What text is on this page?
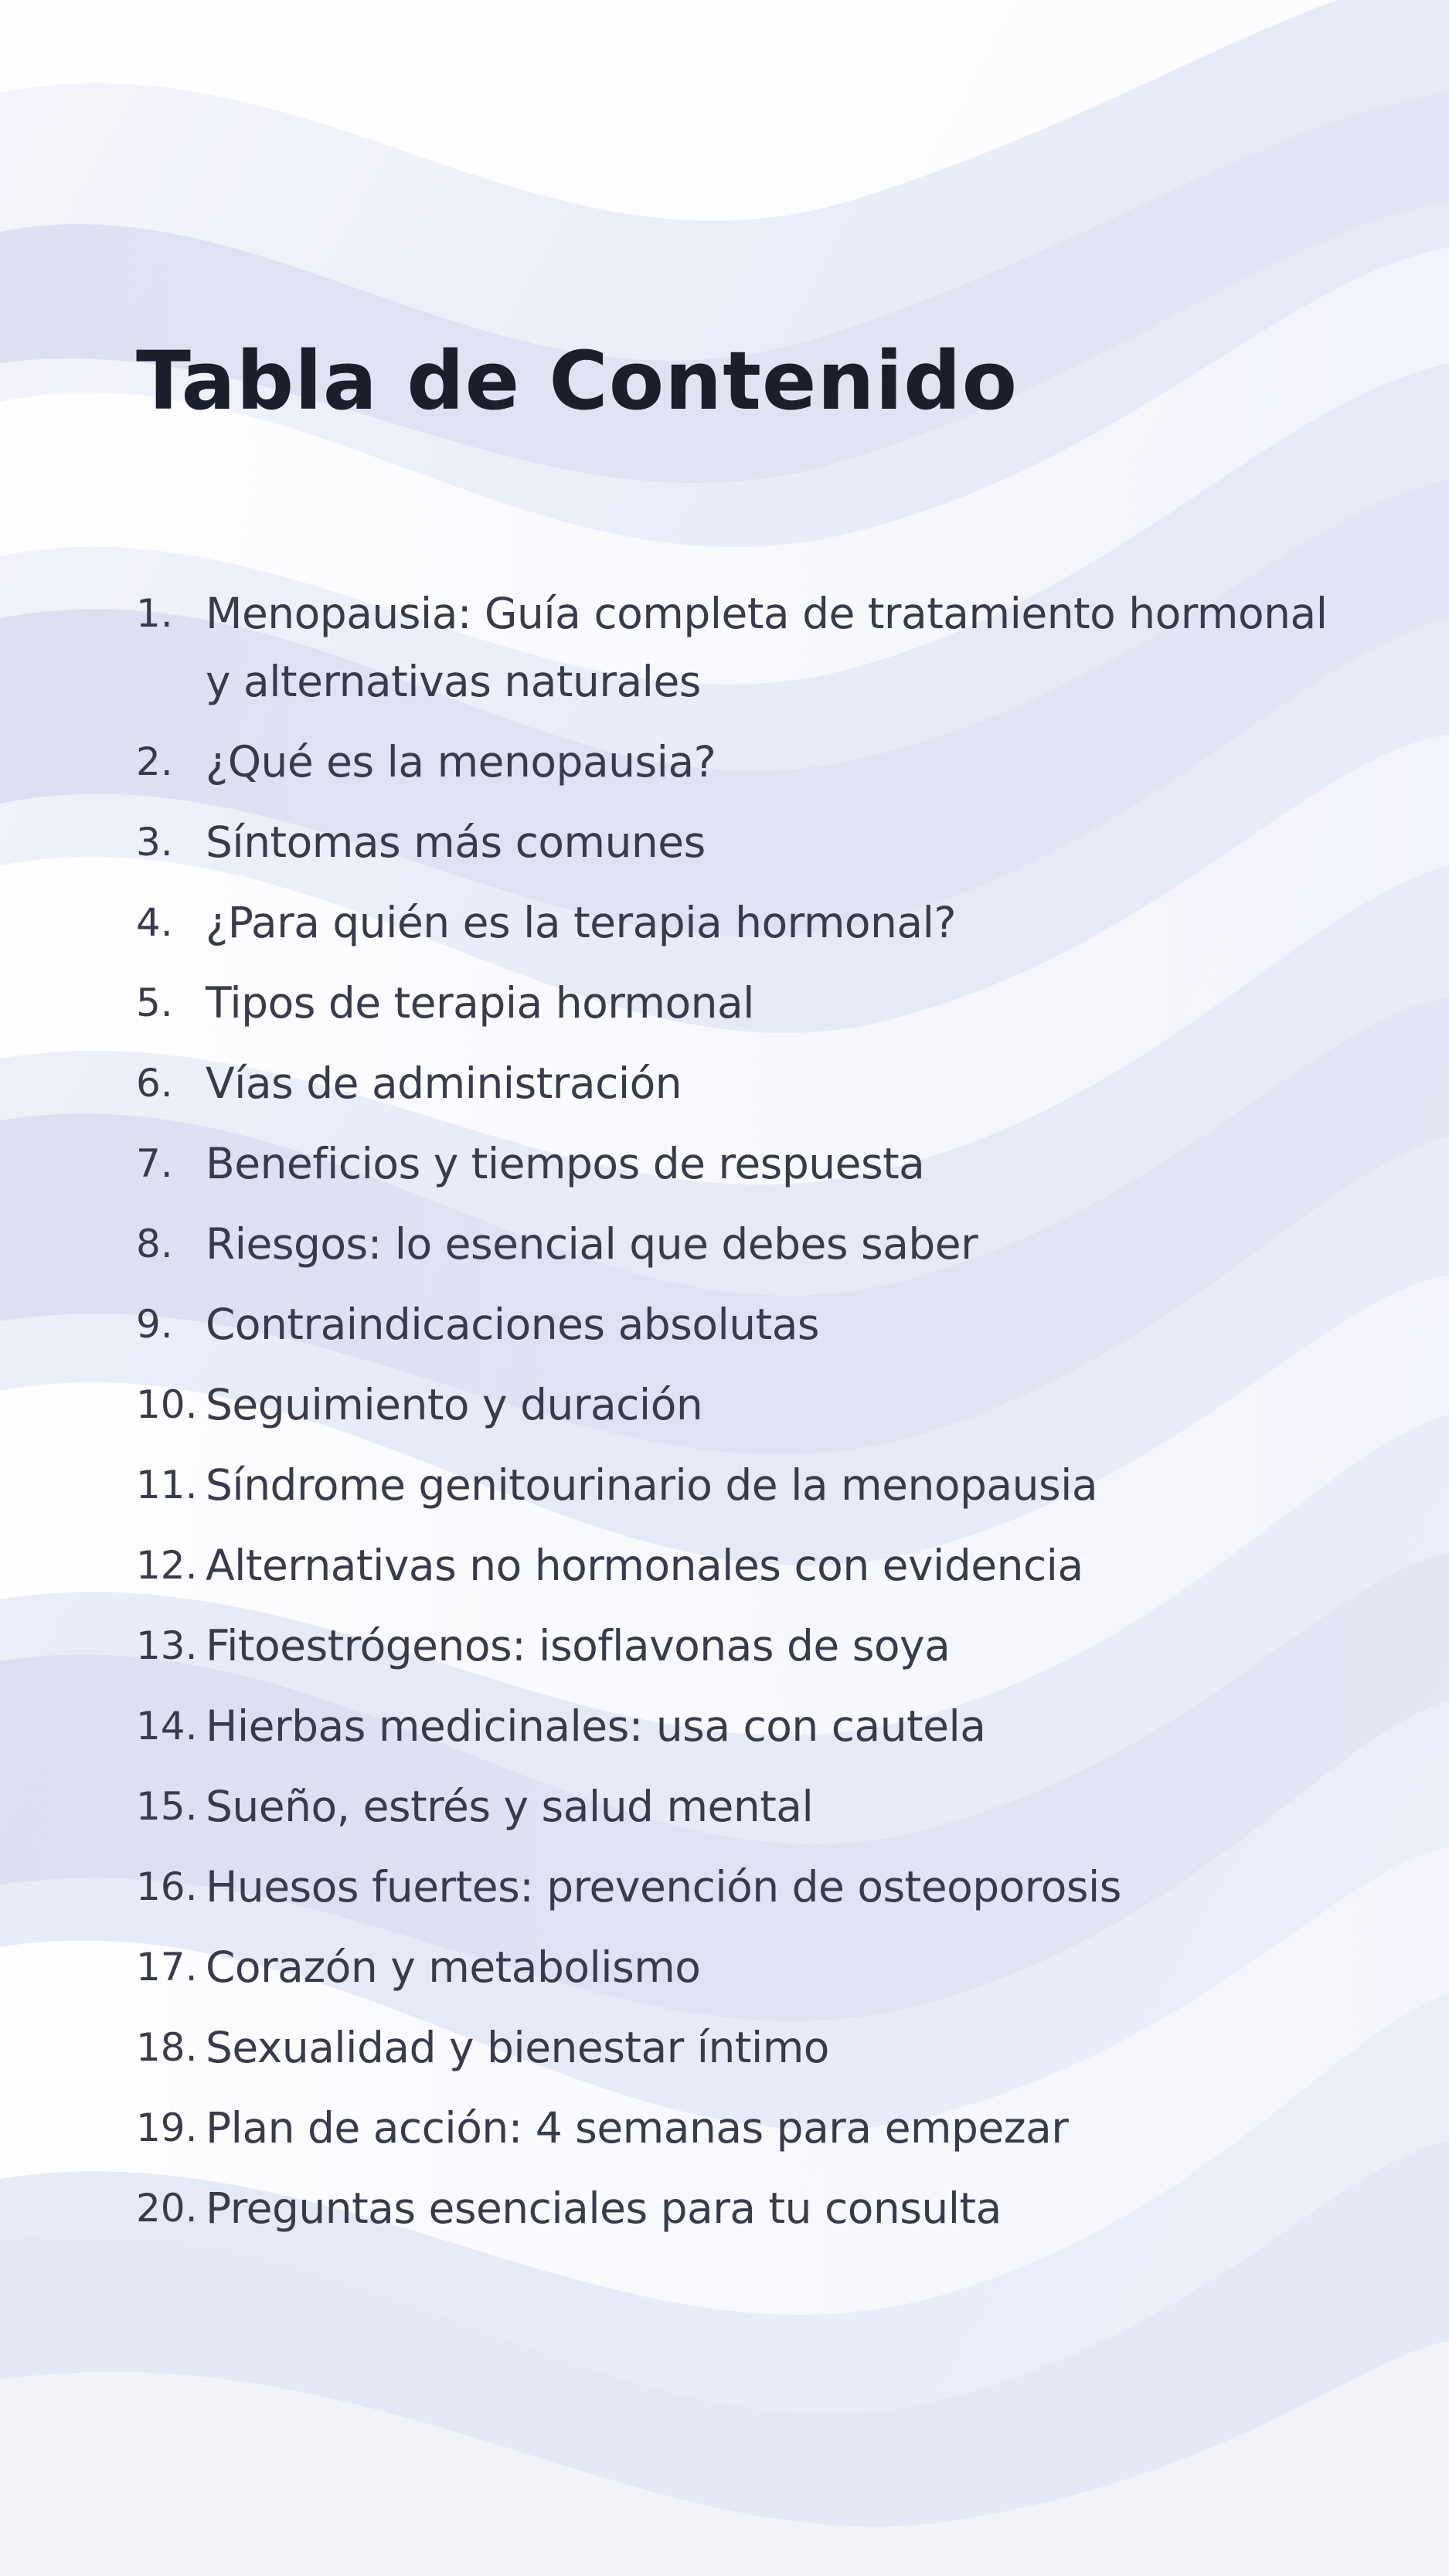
Tabla de Contenido
1. Menopausia: Guía completa de tratamiento hormonal y alternativas naturales
2. ¿Qué es la menopausia?
3. Síntomas más comunes
4. ¿Para quién es la terapia hormonal?
5. Tipos de terapia hormonal
6. Vías de administración
7. Beneficios y tiempos de respuesta
8. Riesgos: lo esencial que debes saber
9. Contraindicaciones absolutas
10. Seguimiento y duración
11. Síndrome genitourinario de la menopausia
12. Alternativas no hormonales con evidencia
13. Fitoestrógenos: isoflavonas de soya
14. Hierbas medicinales: usa con cautela
15. Sueño, estrés y salud mental
16. Huesos fuertes: prevención de osteoporosis
17. Corazón y metabolismo
18. Sexualidad y bienestar íntimo
19. Plan de acción: 4 semanas para empezar
20. Preguntas esenciales para tu consulta
